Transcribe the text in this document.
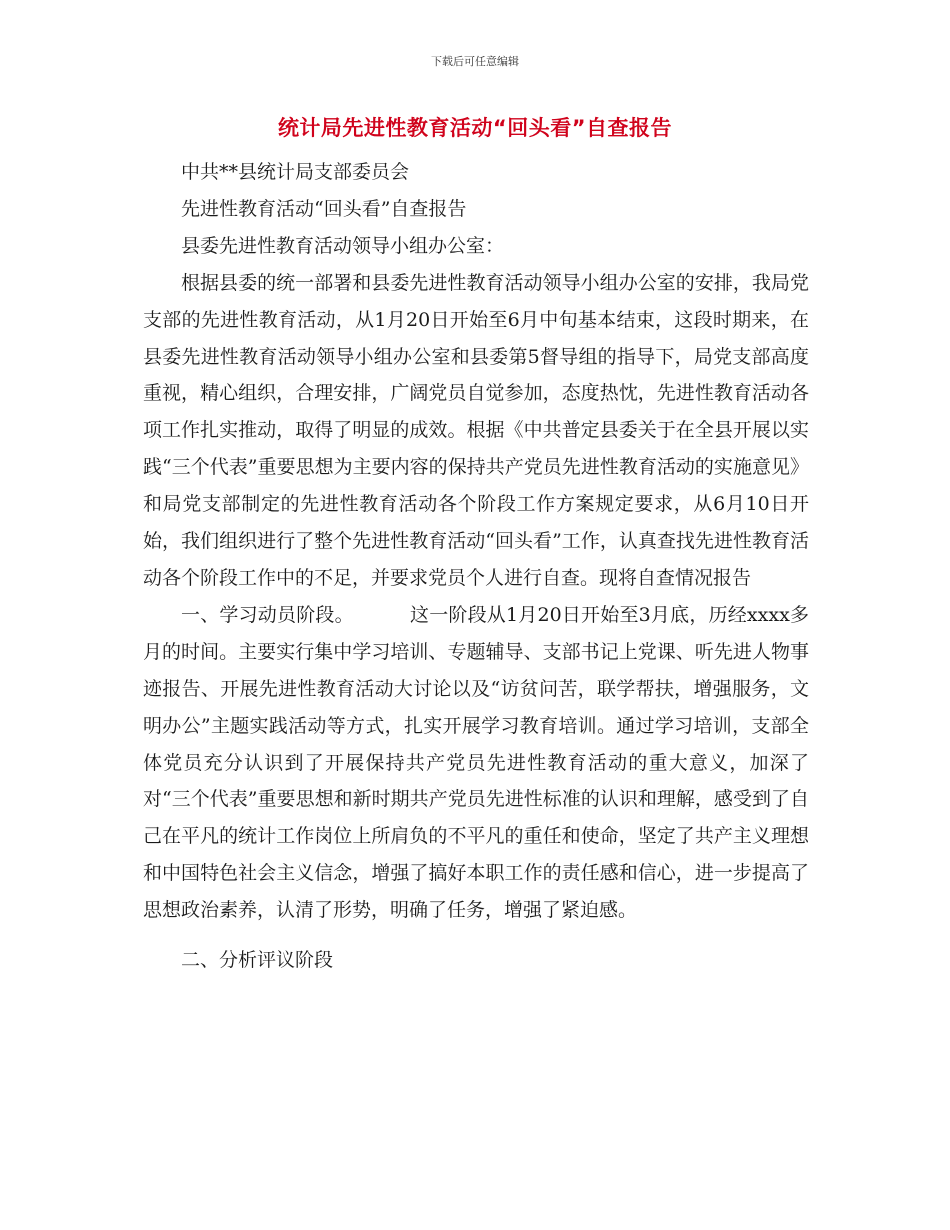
下载后可任意编辑
统计局先进性教育活动“回头看”自查报告

中共**县统计局支部委员会

先进性教育活动“回头看”自查报告

县委先进性教育活动领导小组办公室：

根据县委的统一部署和县委先进性教育活动领导小组办公室的安排，我局党支部的先进性教育活动，从1月20日开始至6月中旬基本结束，这段时期来，在县委先进性教育活动领导小组办公室和县委第5督导组的指导下，局党支部高度重视，精心组织，合理安排，广阔党员自觉参加，态度热忱，先进性教育活动各项工作扎实推动，取得了明显的成效。根据《中共普定县委关于在全县开展以实践“三个代表”重要思想为主要内容的保持共产党员先进性教育活动的实施意见》和局党支部制定的先进性教育活动各个阶段工作方案规定要求，从6月10日开始，我们组织进行了整个先进性教育活动“回头看”工作，认真查找先进性教育活动各个阶段工作中的不足，并要求党员个人进行自查。现将自查情况报告

一、学习动员阶段。	这一阶段从1月20日开始至3月底，历经xxxx多月的时间。主要实行集中学习培训、专题辅导、支部书记上党课、听先进人物事迹报告、开展先进性教育活动大讨论以及“访贫问苦，联学帮扶，增强服务，文明办公”主题实践活动等方式，扎实开展学习教育培训。通过学习培训，支部全体党员充分认识到了开展保持共产党员先进性教育活动的重大意义，加深了对“三个代表”重要思想和新时期共产党员先进性标准的认识和理解，感受到了自己在平凡的统计工作岗位上所肩负的不平凡的重任和使命，坚定了共产主义理想和中国特色社会主义信念，增强了搞好本职工作的责任感和信心，进一步提高了思想政治素养，认清了形势，明确了任务，增强了紧迫感。

二、分析评议阶段
